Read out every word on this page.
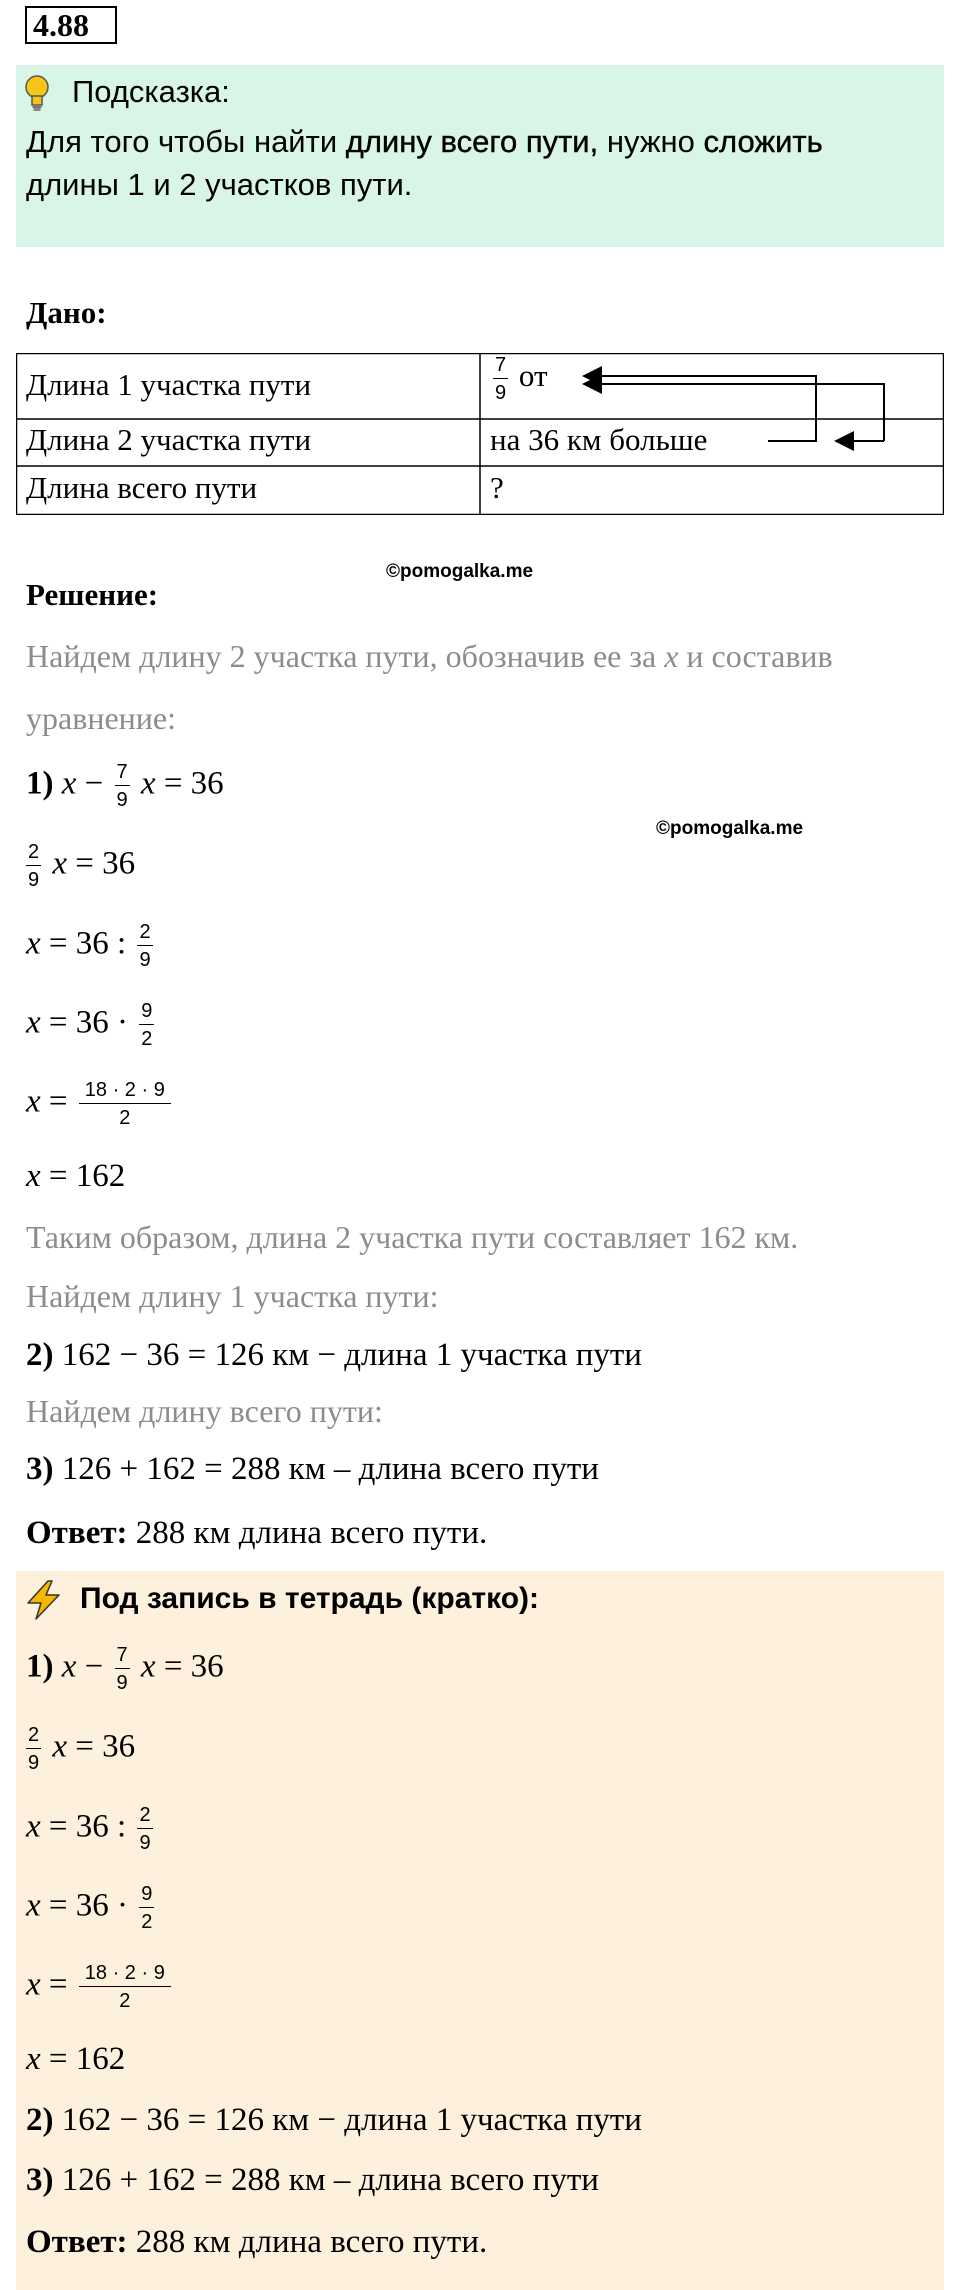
4.88
Подсказка:
Для того чтобы найти длину всего пути, нужно сложить длины 1 и 2 участков пути.
Дано:
Длина 1 участка пути	$\frac{7}{9}$ от
Длина 2 участка пути	на 36 км больше
Длина всего пути	?
©pomogalka.me
©pomogalka.me
Решение:
Найдем длину 2 участка пути, обозначив ее за x и составив
уравнение:
1) $x - \frac{7}{9}$ x = 36
$\frac{2}{9}$ x = 36
x = 36 : $\frac{2}{9}$
$x = 36 \cdot \frac{9}{2}$
$x = \frac{18 \cdot 2 \cdot 9}{2}$
x = 162
Таким образом, длина 2 участка пути составляет 162 км.
Найдем длину 1 участка пути:
2) 162 − 36 = 126 км − длина 1 участка пути
Найдем длину всего пути:
3) 126 + 162 = 288 км – длина всего пути
Ответ: 288 км длина всего пути.
Под запись в тетрадь (кратко):
1) $x - \frac{7}{9}$ x = 36
$\frac{2}{9}$ x = 36
x = 36 : $\frac{2}{9}$
$x = 36 \cdot \frac{9}{2}$
$x = \frac{18 \cdot 2 \cdot 9}{2}$
x = 162
2) 162 − 36 = 126 км − длина 1 участка пути
3) 126 + 162 = 288 км – длина всего пути
Ответ: 288 км длина всего пути.
